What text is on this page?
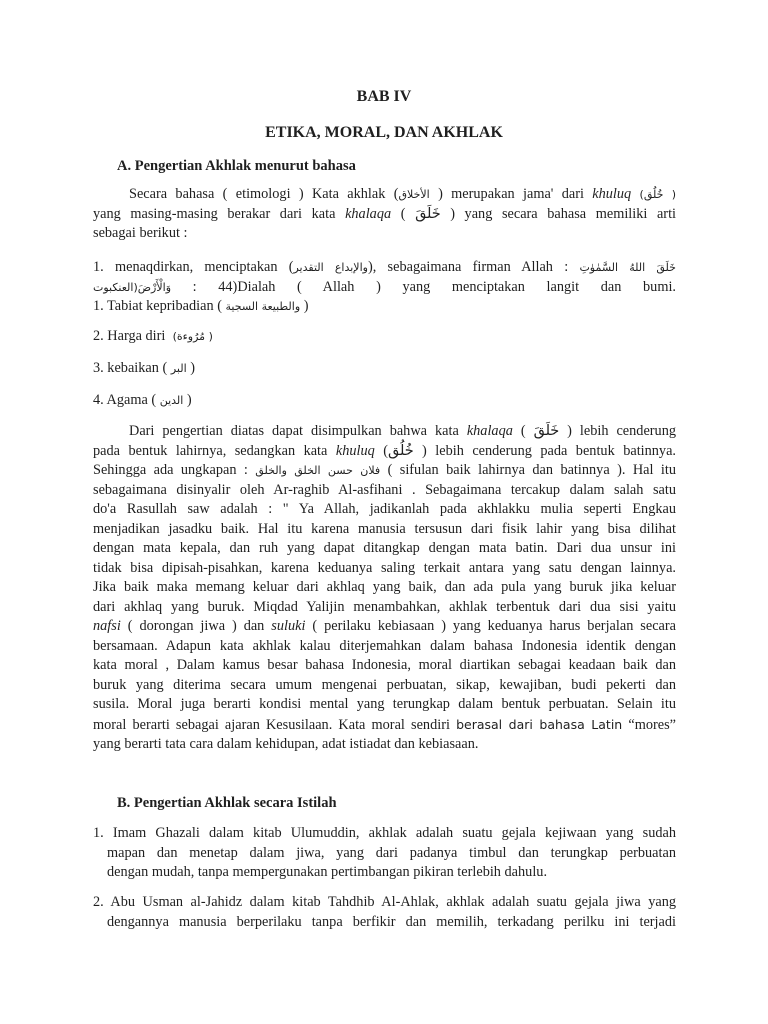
BAB IV
ETIKA, MORAL, DAN AKHLAK
A. Pengertian Akhlak menurut bahasa
Secara bahasa ( etimologi ) Kata akhlak (الأخلاق ) merupakan jama' dari khuluq (خُلُق )
yang masing-masing berakar dari kata khalaqa ( خَلَقَ ) yang secara bahasa memiliki arti
sebagai berikut :
1. menaqdirkan, menciptakan (والإبداع التقدير), sebagaimana firman Allah : خَلَقَ اللهُ السَّمٰوٰتِ
وَالْأَرْضَ(العنكبوت : 44)Dialah ( Allah ) yang menciptakan langit dan bumi.
1. Tabiat kepribadian ( والطبيعة السجية )
2. Harga diri (مُرُوءة )
3. kebaikan ( البر )
4. Agama ( الدين )
Dari pengertian diatas dapat disimpulkan bahwa kata khalaqa ( خَلَقَ ) lebih cenderung
pada bentuk lahirnya, sedangkan kata khuluq (خُلُق ) lebih cenderung pada bentuk batinnya.
Sehingga ada ungkapan : فلان حسن الخلق والخلق ( sifulan baik lahirnya dan batinnya ). Hal itu
sebagaimana disinyalir oleh Ar-raghib Al-asfihani . Sebagaimana tercakup dalam salah satu
do'a Rasullah saw adalah : " Ya Allah, jadikanlah pada akhlakku mulia seperti Engkau
menjadikan jasadku baik. Hal itu karena manusia tersusun dari fisik lahir yang bisa dilihat
dengan mata kepala, dan ruh yang dapat ditangkap dengan mata batin. Dari dua unsur ini
tidak bisa dipisah-pisahkan, karena keduanya saling terkait antara yang satu dengan lainnya.
Jika baik maka memang keluar dari akhlaq yang baik, dan ada pula yang buruk jika keluar
dari akhlaq yang buruk. Miqdad Yalijin menambahkan, akhlak terbentuk dari dua sisi yaitu
nafsi ( dorongan jiwa ) dan suluki ( perilaku kebiasaan ) yang keduanya harus berjalan secara
bersamaan. Adapun kata akhlak kalau diterjemahkan dalam bahasa Indonesia identik dengan
kata moral , Dalam kamus besar bahasa Indonesia, moral diartikan sebagai keadaan baik dan
buruk yang diterima secara umum mengenai perbuatan, sikap, kewajiban, budi pekerti dan
susila. Moral juga berarti kondisi mental yang terungkap dalam bentuk perbuatan. Selain itu
moral berarti sebagai ajaran Kesusilaan. Kata moral sendiri berasal dari bahasa Latin “mores”
yang berarti tata cara dalam kehidupan, adat istiadat dan kebiasaan.
B. Pengertian Akhlak secara Istilah
1. Imam Ghazali dalam kitab Ulumuddin, akhlak adalah suatu gejala kejiwaan yang sudah
mapan dan menetap dalam jiwa, yang dari padanya timbul dan terungkap perbuatan
dengan mudah, tanpa mempergunakan pertimbangan pikiran terlebih dahulu.
2. Abu Usman al-Jahidz dalam kitab Tahdhib Al-Ahlak, akhlak adalah suatu gejala jiwa yang
dengannya manusia berperilaku tanpa berfikir dan memilih, terkadang perilku ini terjadi
